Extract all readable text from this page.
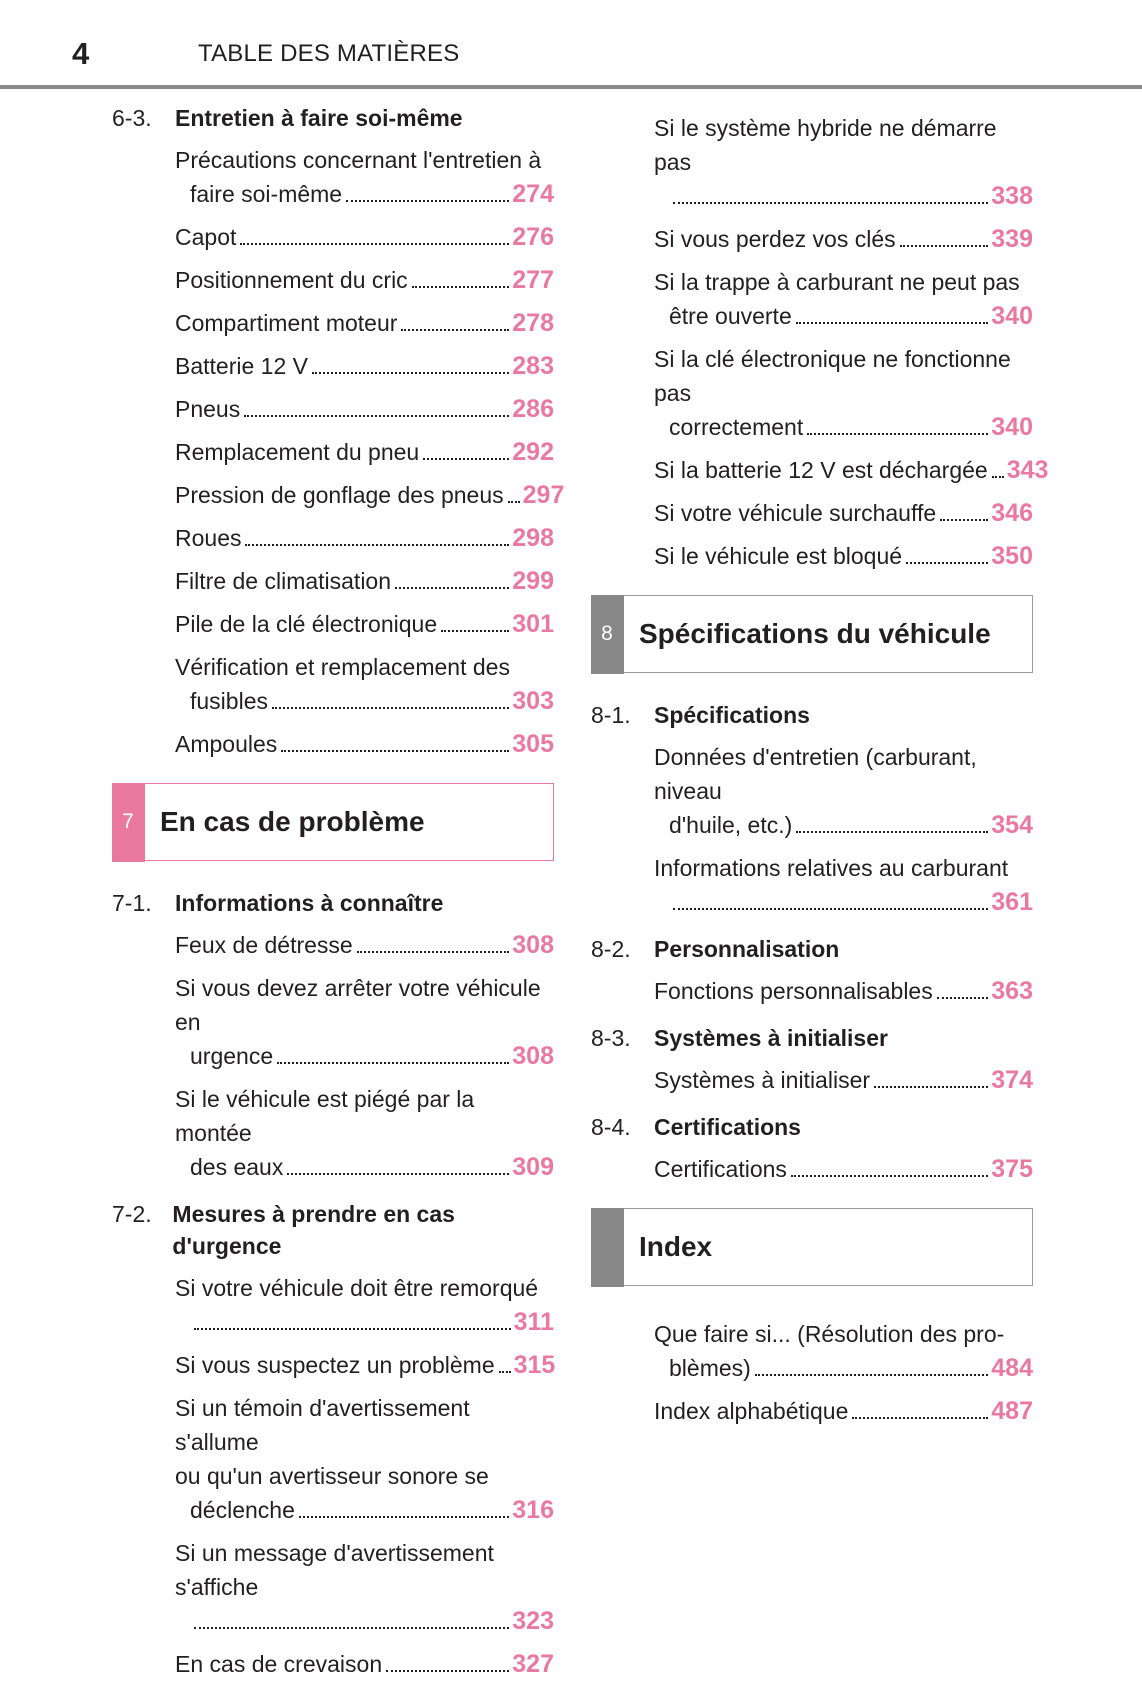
4	TABLE DES MATIÈRES
6-3.	Entretien à faire soi-même
Précautions concernant l'entretien à
faire soi-même	274
Capot	276
Positionnement du cric	277
Compartiment moteur	278
Batterie 12 V	283
Pneus	286
Remplacement du pneu	292
Pression de gonflage des pneus 297
Roues	298
Filtre de climatisation	299
Pile de la clé électronique	301
Vérification et remplacement des
fusibles	303
Ampoules	305
7 En cas de problème
7-1.	Informations à connaître
Feux de détresse	308
Si vous devez arrêter votre véhicule en
urgence	308
Si le véhicule est piégé par la montée
des eaux	309
7-2. Mesures à prendre en cas d'urgence
Si votre véhicule doit être remorqué
311
Si vous suspectez un problème 315
Si un témoin d'avertissement s'allume
ou qu'un avertisseur sonore se
déclenche	316
Si un message d'avertissement s'affiche
323
En cas de crevaison	327
Si le système hybride ne démarre pas
338
Si vous perdez vos clés	339
Si la trappe à carburant ne peut pas
être ouverte	340
Si la clé électronique ne fonctionne pas
correctement	340
Si la batterie 12 V est déchargée 343
Si votre véhicule surchauffe 346
Si le véhicule est bloqué	350
8 Spécifications du véhicule
8-1.	Spécifications
Données d'entretien (carburant, niveau
d'huile, etc.)	354
Informations relatives au carburant
361
8-2.	Personnalisation
Fonctions personnalisables 363
8-3.	Systèmes à initialiser
Systèmes à initialiser	374
8-4.	Certifications
Certifications	375
Index
Que faire si... (Résolution des pro-
blèmes)	484
Index alphabétique	487
